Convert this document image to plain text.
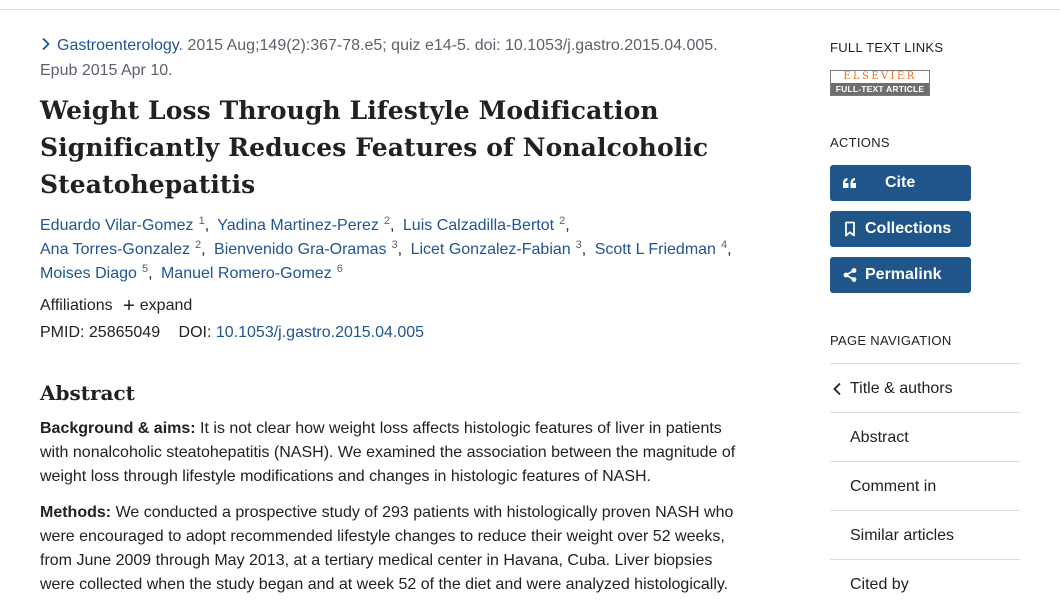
Gastroenterology. 2015 Aug;149(2):367-78.e5; quiz e14-5. doi: 10.1053/j.gastro.2015.04.005.
Epub 2015 Apr 10.
Weight Loss Through Lifestyle Modification
Significantly Reduces Features of Nonalcoholic
Steatohepatitis
Eduardo Vilar-Gomez $^1$, Yadina Martinez-Perez $^2$, Luis Calzadilla-Bertot $^2$,
Ana Torres-Gonzalez $^2$, Bienvenido Gra-Oramas $^3$, Licet Gonzalez-Fabian $^3$, Scott L Friedman $^4$,
Moises Diago $^5$, Manuel Romero-Gomez $^6$
Affiliations + expand
PMID: 25865049 DOI: 10.1053/j.gastro.2015.04.005
Abstract
Background & aims: It is not clear how weight loss affects histologic features of liver in patients
with nonalcoholic steatohepatitis (NASH). We examined the association between the magnitude of
weight loss through lifestyle modifications and changes in histologic features of NASH.
Methods: We conducted a prospective study of 293 patients with histologically proven NASH who
were encouraged to adopt recommended lifestyle changes to reduce their weight over 52 weeks,
from June 2009 through May 2013, at a tertiary medical center in Havana, Cuba. Liver biopsies
were collected when the study began and at week 52 of the diet and were analyzed histologically.
FULL TEXT LINKS
ELSEVIER
FULL-TEXT ARTICLE
ACTIONS
Cite
Collections
Permalink
PAGE NAVIGATION
Title & authors
Abstract
Comment in
Similar articles
Cited by
